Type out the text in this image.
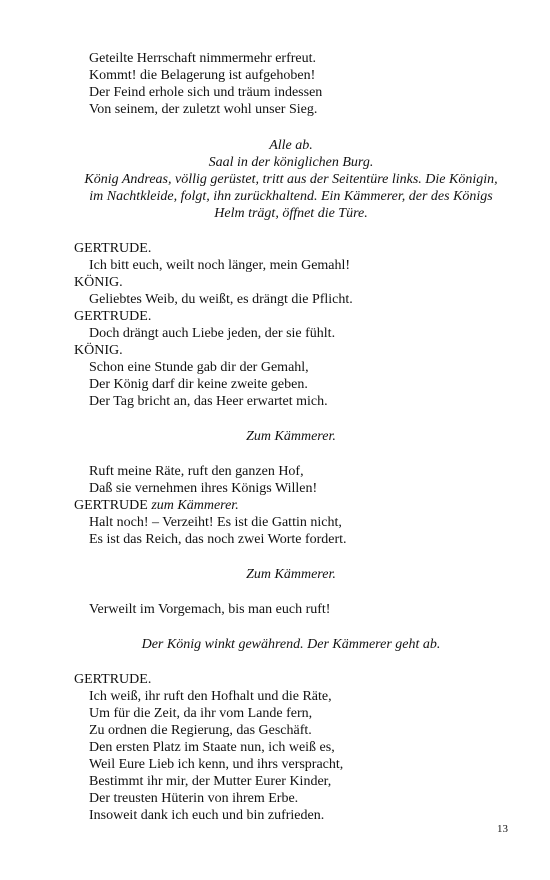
Geteilte Herrschaft nimmermehr erfreut.
Kommt! die Belagerung ist aufgehoben!
Der Feind erhole sich und träum indessen
Von seinem, der zuletzt wohl unser Sieg.
Alle ab.
Saal in der königlichen Burg.
König Andreas, völlig gerüstet, tritt aus der Seitentüre links. Die Königin,
im Nachtkleide, folgt, ihn zurückhaltend. Ein Kämmerer, der des Königs
Helm trägt, öffnet die Türe.
GERTRUDE.
Ich bitt euch, weilt noch länger, mein Gemahl!
KÖNIG.
Geliebtes Weib, du weißt, es drängt die Pflicht.
GERTRUDE.
Doch drängt auch Liebe jeden, der sie fühlt.
KÖNIG.
Schon eine Stunde gab dir der Gemahl,
Der König darf dir keine zweite geben.
Der Tag bricht an, das Heer erwartet mich.
Zum Kämmerer.
Ruft meine Räte, ruft den ganzen Hof,
Daß sie vernehmen ihres Königs Willen!
GERTRUDE zum Kämmerer.
Halt noch! – Verzeiht! Es ist die Gattin nicht,
Es ist das Reich, das noch zwei Worte fordert.
Zum Kämmerer.
Verweilt im Vorgemach, bis man euch ruft!
Der König winkt gewährend. Der Kämmerer geht ab.
GERTRUDE.
Ich weiß, ihr ruft den Hofhalt und die Räte,
Um für die Zeit, da ihr vom Lande fern,
Zu ordnen die Regierung, das Geschäft.
Den ersten Platz im Staate nun, ich weiß es,
Weil Eure Lieb ich kenn, und ihrs verspracht,
Bestimmt ihr mir, der Mutter Eurer Kinder,
Der treusten Hüterin von ihrem Erbe.
Insoweit dank ich euch und bin zufrieden.
13
